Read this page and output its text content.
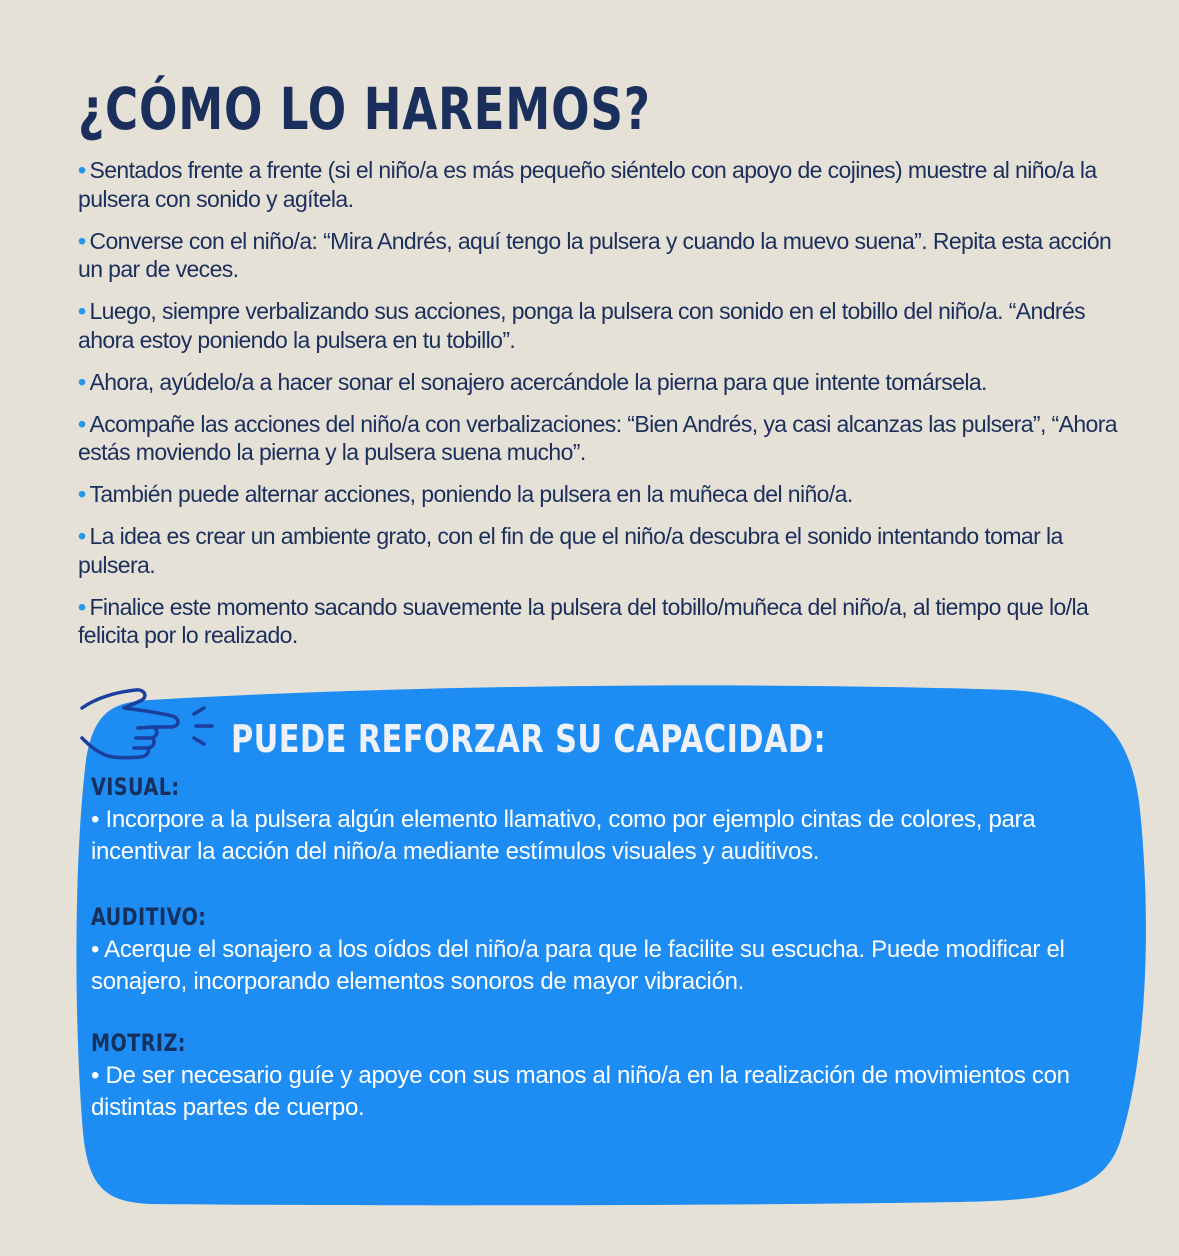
¿CÓMO LO HAREMOS?
• Sentados frente a frente (si el niño/a es más pequeño siéntelo con apoyo de cojines) muestre al niño/a la pulsera con sonido y agítela.
• Converse con el niño/a: “Mira Andrés, aquí tengo la pulsera y cuando la muevo suena”. Repita esta acción un par de veces.
• Luego, siempre verbalizando sus acciones, ponga la pulsera con sonido en el tobillo del niño/a. “Andrés ahora estoy poniendo la pulsera en tu tobillo”.
• Ahora, ayúdelo/a a hacer sonar el sonajero acercándole la pierna para que intente tomársela.
• Acompañe las acciones del niño/a con verbalizaciones: “Bien Andrés, ya casi alcanzas las pulsera”, “Ahora estás moviendo la pierna y la pulsera suena mucho”.
• También puede alternar acciones, poniendo la pulsera en la muñeca del niño/a.
• La idea es crear un ambiente grato, con el fin de que el niño/a descubra el sonido intentando tomar la pulsera.
• Finalice este momento sacando suavemente la pulsera del tobillo/muñeca del niño/a, al tiempo que lo/la felicita por lo realizado.
PUEDE REFORZAR SU CAPACIDAD:
VISUAL:
• Incorpore a la pulsera algún elemento llamativo, como por ejemplo cintas de colores, para incentivar la acción del niño/a mediante estímulos visuales y auditivos.
AUDITIVO:
• Acerque el sonajero a los oídos del niño/a para que le facilite su escucha. Puede modificar el sonajero, incorporando elementos sonoros de mayor vibración.
MOTRIZ:
• De ser necesario guíe y apoye con sus manos al niño/a en la realización de movimientos con distintas partes de cuerpo.
